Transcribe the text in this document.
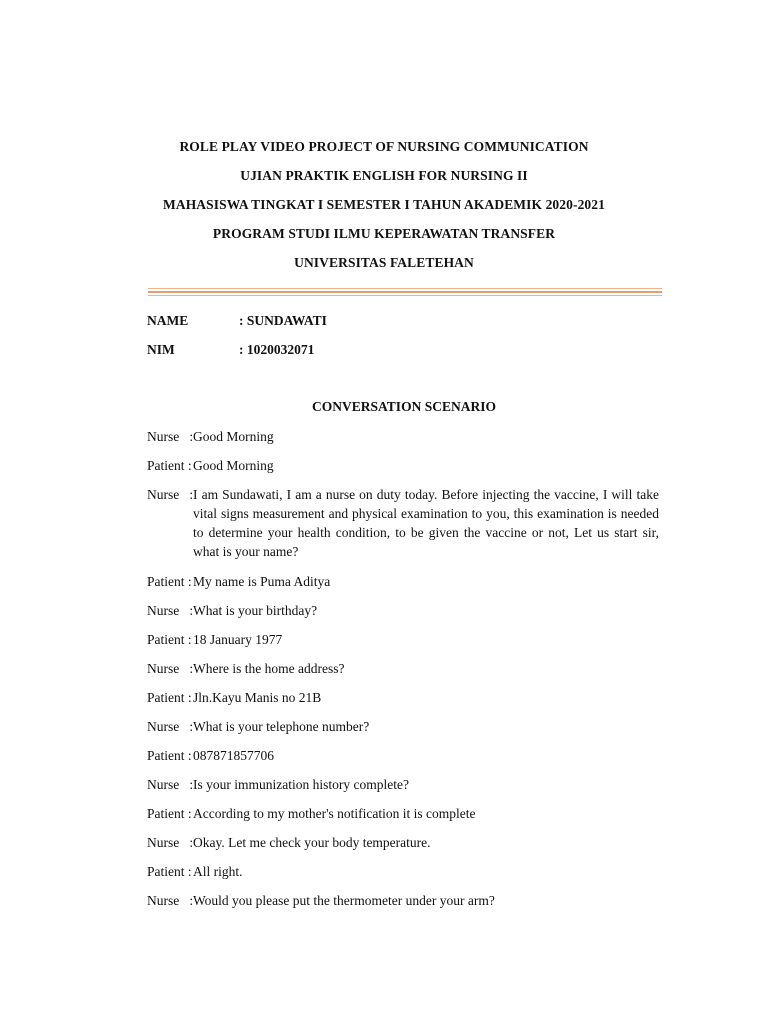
ROLE PLAY VIDEO PROJECT OF NURSING COMMUNICATION
UJIAN PRAKTIK ENGLISH FOR NURSING II
MAHASISWA TINGKAT I SEMESTER I TAHUN AKADEMIK 2020-2021
PROGRAM STUDI ILMU KEPERAWATAN TRANSFER
UNIVERSITAS FALETEHAN
NAME	: SUNDAWATI
NIM	: 1020032071
CONVERSATION SCENARIO
Nurse   : Good Morning
Patient : Good Morning
Nurse   : I am Sundawati, I am a nurse on duty today. Before injecting the vaccine, I will take vital signs measurement and physical examination to you, this examination is needed to determine your health condition, to be given the vaccine or not, Let us start sir, what is your name?
Patient : My name is Puma Aditya
Nurse   : What is your birthday?
Patient : 18 January 1977
Nurse   : Where is the home address?
Patient : Jln.Kayu Manis no 21B
Nurse   : What is your telephone number?
Patient : 087871857706
Nurse   : Is your immunization history complete?
Patient : According to my mother's notification it is complete
Nurse   : Okay. Let me check your body temperature.
Patient : All right.
Nurse   : Would you please put the thermometer under your arm?
